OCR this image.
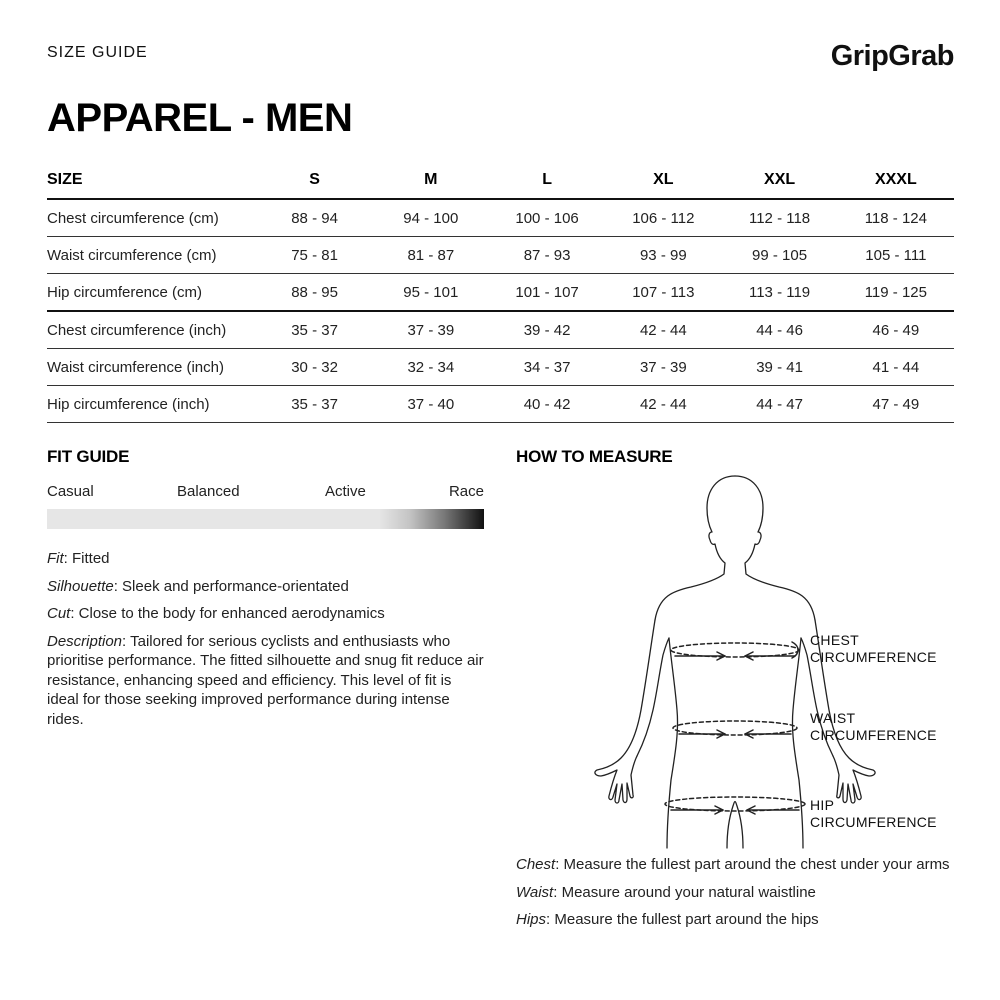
SIZE GUIDE	GripGrab
APPAREL - MEN
SIZE	S	M	L	XL	XXL	XXXL
Chest circumference (cm)	88 - 94	94 - 100	100 - 106	106 - 112	112 - 118	118 - 124
Waist circumference (cm)	75 - 81	81 - 87	87 - 93	93 - 99	99 - 105	105 - 111
Hip circumference (cm)	88 - 95	95 - 101	101 - 107	107 - 113	113 - 119	119 - 125
Chest circumference (inch)	35 - 37	37 - 39	39 - 42	42 - 44	44 - 46	46 - 49
Waist circumference (inch)	30 - 32	32 - 34	34 - 37	37 - 39	39 - 41	41 - 44
Hip circumference (inch)	35 - 37	37 - 40	40 - 42	42 - 44	44 - 47	47 - 49
FIT GUIDE
Casual	Balanced	Active	Race

Fit: Fitted

Silhouette: Sleek and performance-orientated

Cut: Close to the body for enhanced aerodynamics

Description: Tailored for serious cyclists and enthusiasts who prioritise performance. The fitted silhouette and snug fit reduce air resistance, enhancing speed and efficiency. This level of fit is ideal for those seeking improved performance during intense rides.

HOW TO MEASURE
CHEST
CIRCUMFERENCE
WAIST
CIRCUMFERENCE
HIP
CIRCUMFERENCE

Chest: Measure the fullest part around the chest under your arms

Waist: Measure around your natural waistline

Hips: Measure the fullest part around the hips
